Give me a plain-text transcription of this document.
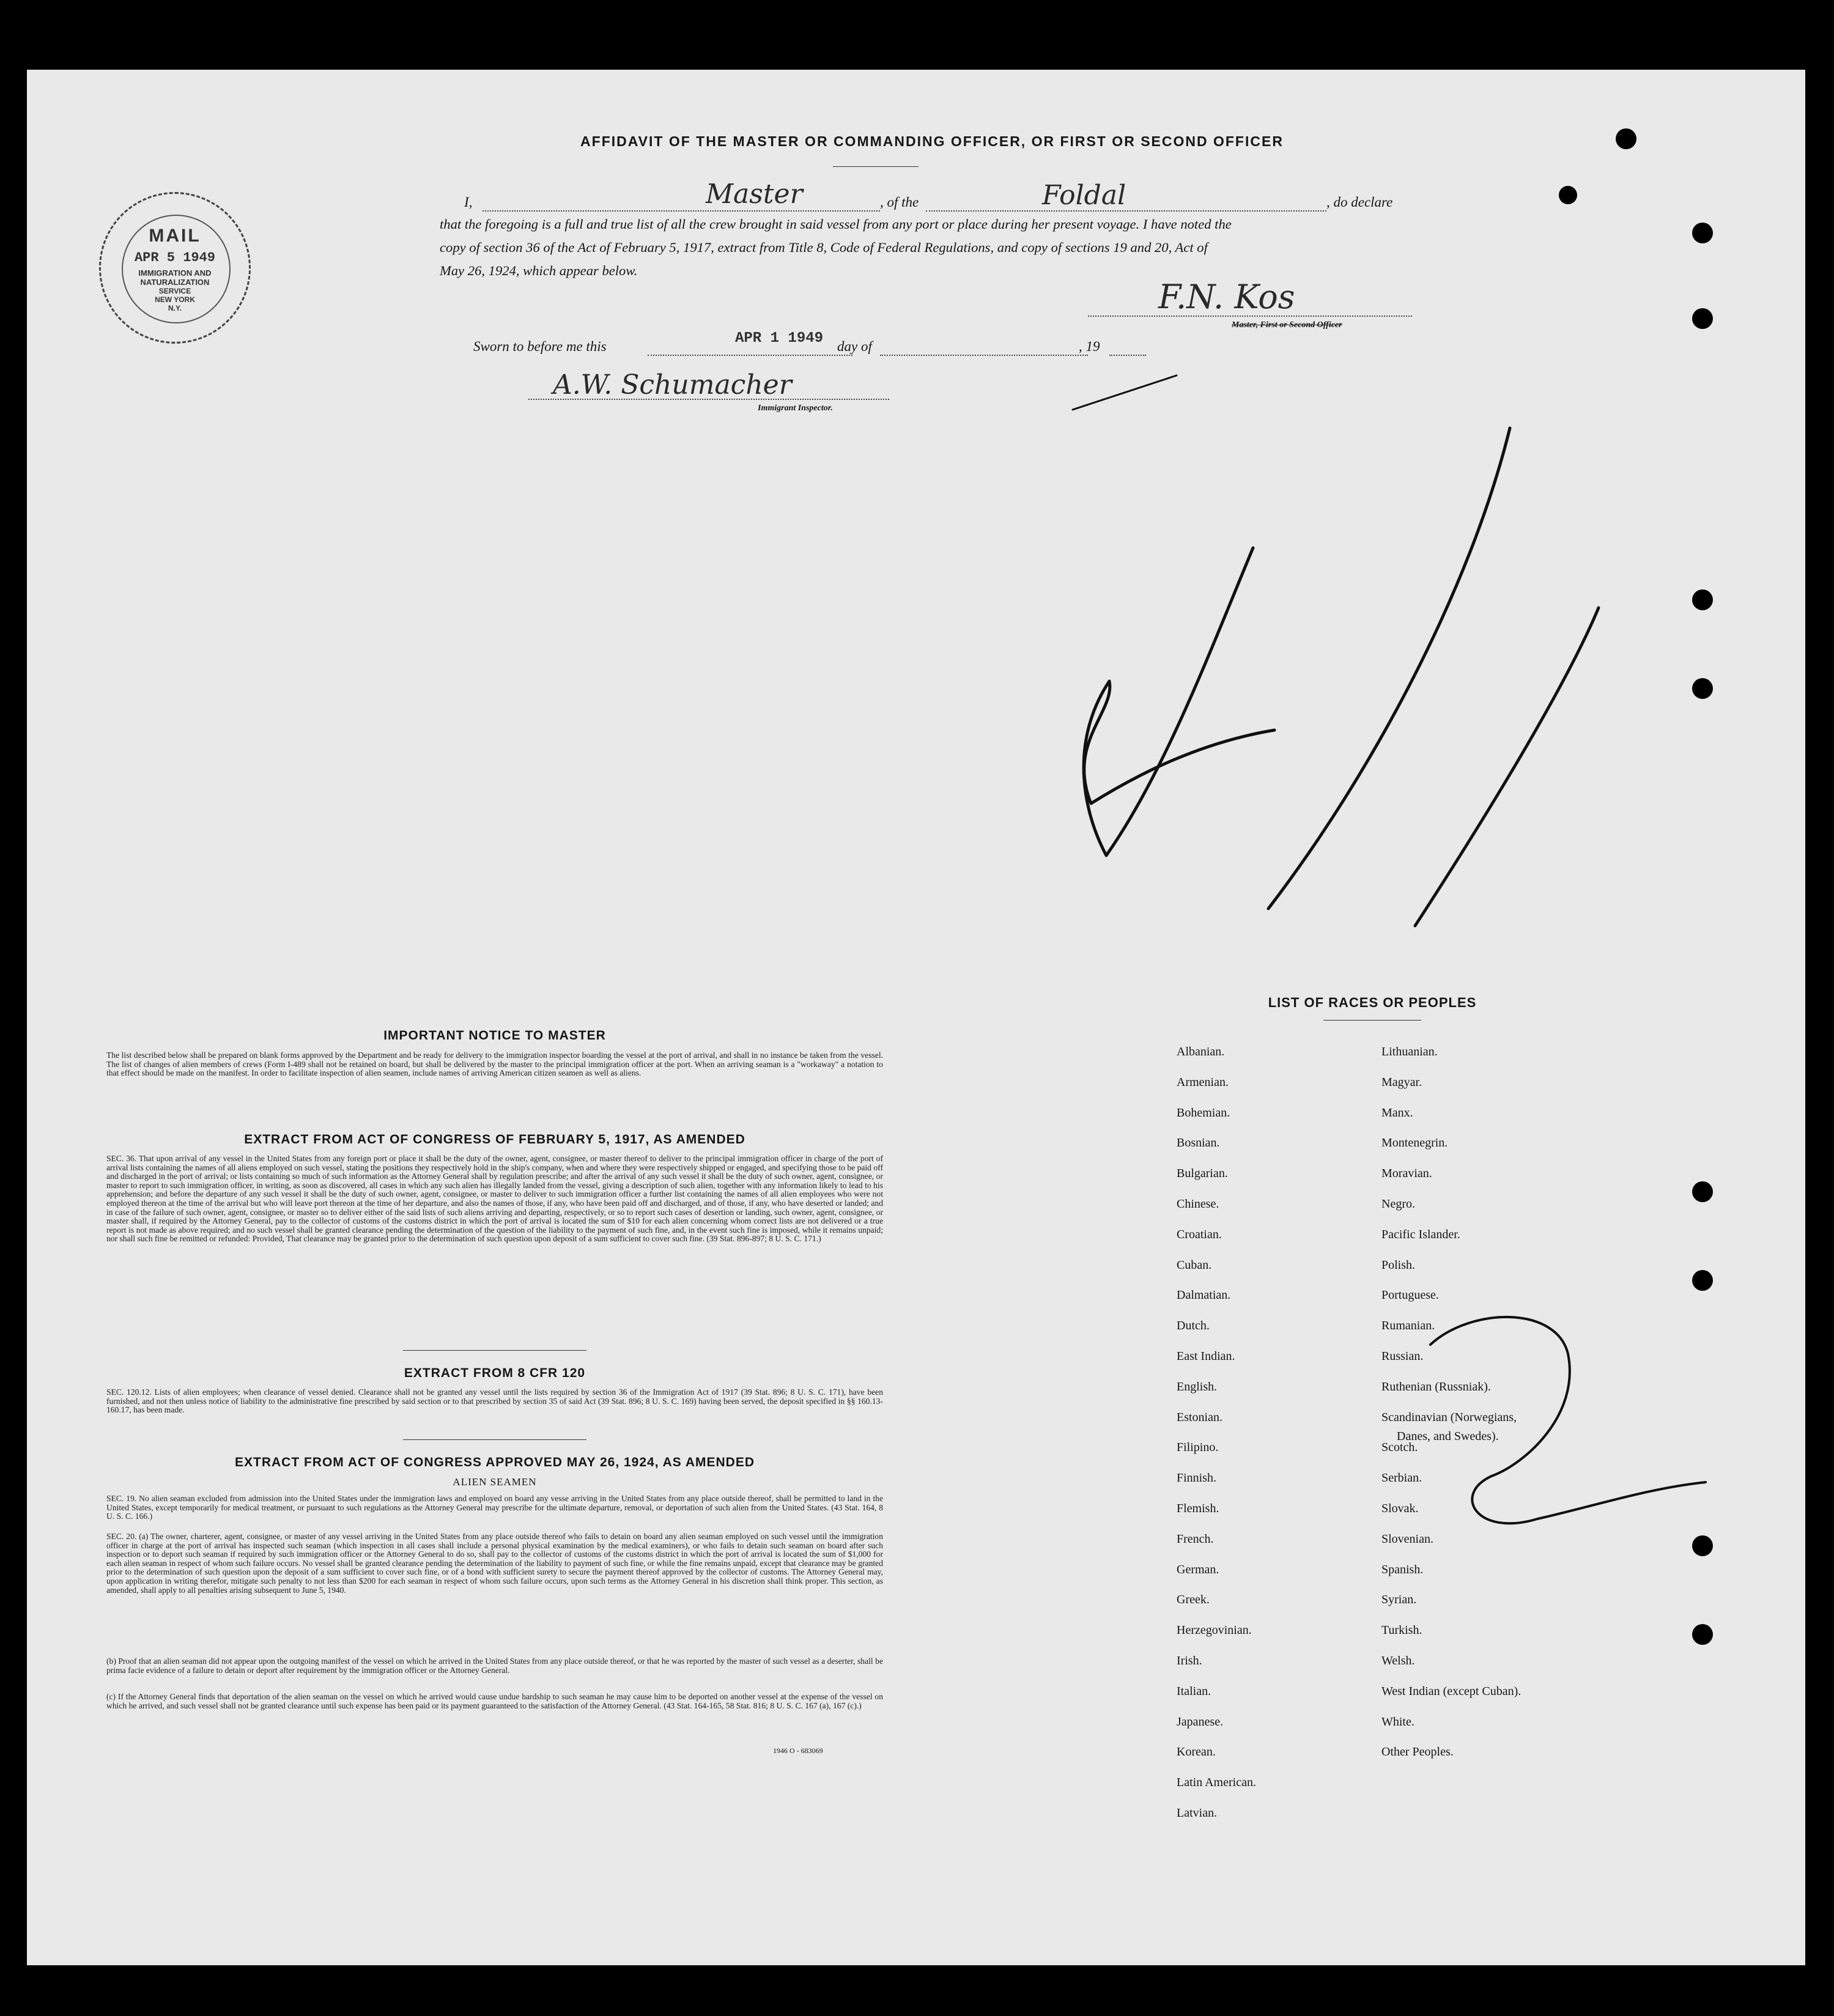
AFFIDAVIT OF THE MASTER OR COMMANDING OFFICER, OR FIRST OR SECOND OFFICER
I,	Master	, of the	Foldal	, do declare
that the foregoing is a full and true list of all the crew brought in said vessel from any port or place during her present voyage. I have noted the
copy of section 36 of the Act of February 5, 1917, extract from Title 8, Code of Federal Regulations, and copy of sections 19 and 20, Act of
May 26, 1924, which appear below.
F.N. Kos
Master, First or Second Officer
Sworn to before me this	APR 1 1949 day of	, 19
A.W. Schumacher
Immigrant Inspector.
MAIL
APR 5 1949
IMMIGRATION AND
NATURALIZATION
SERVICE
NEW YORK
N.Y.
IMPORTANT NOTICE TO MASTER
The list described below shall be prepared on blank forms approved by the Department and be ready for delivery to the immigration inspector boarding the vessel at the port of arrival, and shall in no instance be taken from the vessel. The list of changes of alien members of crews (Form I-489 shall not be retained on board, but shall be delivered by the master to the principal immigration officer at the port. When an arriving seaman is a "workaway" a notation to that effect should be made on the manifest. In order to facilitate inspection of alien seamen, include names of arriving American citizen seamen as well as aliens.
EXTRACT FROM ACT OF CONGRESS OF FEBRUARY 5, 1917, AS AMENDED
SEC. 36. That upon arrival of any vessel in the United States from any foreign port or place it shall be the duty of the owner, agent, consignee, or master thereof to deliver to the principal immigration officer in charge of the port of arrival lists containing the names of all aliens employed on such vessel, stating the positions they respectively hold in the ship's company, when and where they were respectively shipped or engaged, and specifying those to be paid off and discharged in the port of arrival; or lists containing so much of such information as the Attorney General shall by regulation prescribe; and after the arrival of any such vessel it shall be the duty of such owner, agent, consignee, or master to report to such immigration officer, in writing, as soon as discovered, all cases in which any such alien has illegally landed from the vessel, giving a description of such alien, together with any information likely to lead to his apprehension; and before the departure of any such vessel it shall be the duty of such owner, agent, consignee, or master to deliver to such immigration officer a further list containing the names of all alien employees who were not employed thereon at the time of the arrival but who will leave port thereon at the time of her departure, and also the names of those, if any, who have been paid off and discharged, and of those, if any, who have deserted or landed; and in case of the failure of such owner, agent, consignee, or master so to deliver either of the said lists of such aliens arriving and departing, respectively, or so to report such cases of desertion or landing, such owner, agent, consignee, or master shall, if required by the Attorney General, pay to the collector of customs of the customs district in which the port of arrival is located the sum of $10 for each alien concerning whom correct lists are not delivered or a true report is not made as above required; and no such vessel shall be granted clearance pending the determination of the question of the liability to the payment of such fine, and, in the event such fine is imposed, while it remains unpaid; nor shall such fine be remitted or refunded: Provided, That clearance may be granted prior to the determination of such question upon deposit of a sum sufficient to cover such fine. (39 Stat. 896-897; 8 U. S. C. 171.)
EXTRACT FROM 8 CFR 120
SEC. 120.12. Lists of alien employees; when clearance of vessel denied. Clearance shall not be granted any vessel until the lists required by section 36 of the Immigration Act of 1917 (39 Stat. 896; 8 U. S. C. 171), have been furnished, and not then unless notice of liability to the administrative fine prescribed by said section or to that prescribed by section 35 of said Act (39 Stat. 896; 8 U. S. C. 169) having been served, the deposit specified in §§ 160.13-160.17, has been made.
EXTRACT FROM ACT OF CONGRESS APPROVED MAY 26, 1924, AS AMENDED
ALIEN SEAMEN
SEC. 19. No alien seaman excluded from admission into the United States under the immigration laws and employed on board any vesse arriving in the United States from any place outside thereof, shall be permitted to land in the United States, except temporarily for medical treatment, or pursuant to such regulations as the Attorney General may prescribe for the ultimate departure, removal, or deportation of such alien from the United States. (43 Stat. 164, 8 U. S. C. 166.)
SEC. 20. (a) The owner, charterer, agent, consignee, or master of any vessel arriving in the United States from any place outside thereof who fails to detain on board any alien seaman employed on such vessel until the immigration officer in charge at the port of arrival has inspected such seaman (which inspection in all cases shall include a personal physical examination by the medical examiners), or who fails to detain such seaman on board after such inspection or to deport such seaman if required by such immigration officer or the Attorney General to do so, shall pay to the collector of customs of the customs district in which the port of arrival is located the sum of $1,000 for each alien seaman in respect of whom such failure occurs. No vessel shall be granted clearance pending the determination of the liability to payment of such fine, or while the fine remains unpaid, except that clearance may be granted prior to the determination of such question upon the deposit of a sum sufficient to cover such fine, or of a bond with sufficient surety to secure the payment thereof approved by the collector of customs. The Attorney General may, upon application in writing therefor, mitigate such penalty to not less than $200 for each seaman in respect of whom such failure occurs, upon such terms as the Attorney General in his discretion shall think proper. This section, as amended, shall apply to all penalties arising subsequent to June 5, 1940.
(b) Proof that an alien seaman did not appear upon the outgoing manifest of the vessel on which he arrived in the United States from any place outside thereof, or that he was reported by the master of such vessel as a deserter, shall be prima facie evidence of a failure to detain or deport after requirement by the immigration officer or the Attorney General.
(c) If the Attorney General finds that deportation of the alien seaman on the vessel on which he arrived would cause undue hardship to such seaman he may cause him to be deported on another vessel at the expense of the vessel on which he arrived, and such vessel shall not be granted clearance until such expense has been paid or its payment guaranteed to the satisfaction of the Attorney General. (43 Stat. 164-165, 58 Stat. 816; 8 U. S. C. 167 (a), 167 (c).)
1946 O - 683069
LIST OF RACES OR PEOPLES
Albanian.
Armenian.
Bohemian.
Bosnian.
Bulgarian.
Chinese.
Croatian.
Cuban.
Dalmatian.
Dutch.
East Indian.
English.
Estonian.
Filipino.
Finnish.
Flemish.
French.
German.
Greek.
Herzegovinian.
Irish.
Italian.
Japanese.
Korean.
Latin American.
Latvian.
Lithuanian.
Magyar.
Manx.
Montenegrin.
Moravian.
Negro.
Pacific Islander.
Polish.
Portuguese.
Rumanian.
Russian.
Ruthenian (Russniak).
Scandinavian (Norwegians,
Scotch.
Serbian.
Slovak.
Slovenian.
Spanish.
Syrian.
Turkish.
Welsh.
West Indian (except Cuban).
White.
Other Peoples.
Danes, and Swedes).
